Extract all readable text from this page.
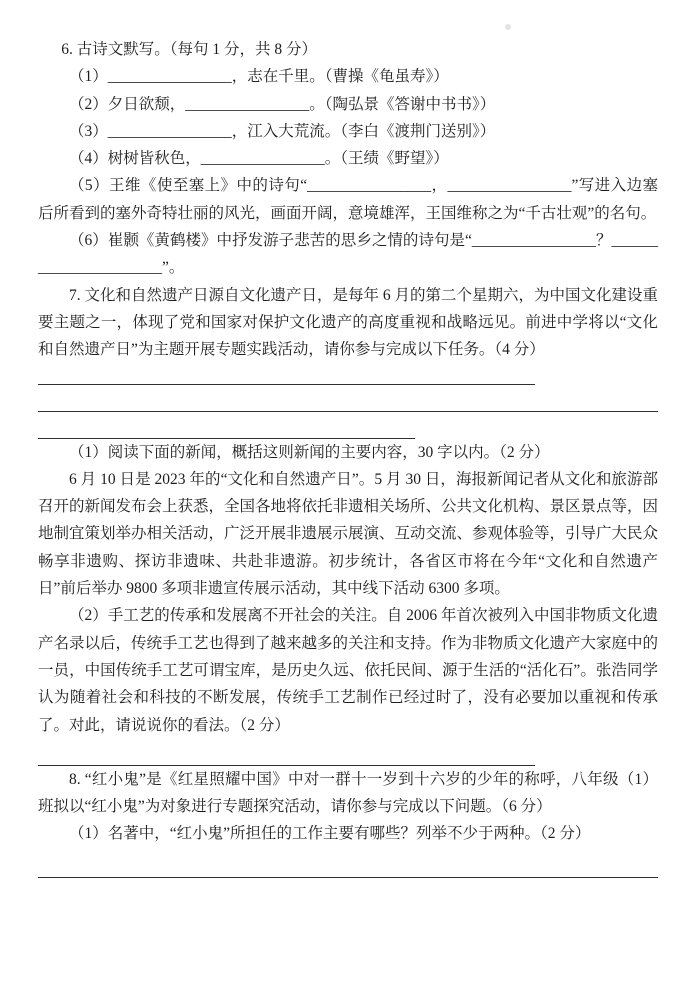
6. 古诗文默写。（每句 1 分，共 8 分）

（1）________________，志在千里。（曹操《龟虽寿》）

（2）夕日欲颓，________________。（陶弘景《答谢中书书》）

（3）________________，江入大荒流。（李白《渡荆门送别》）

（4）树树皆秋色，________________。（王绩《野望》）

（5）王维《使至塞上》中的诗句“________________，________________”写进入边塞后所看到的塞外奇特壮丽的风光，画面开阔，意境雄浑，王国维称之为“千古壮观”的名句。

（6）崔颢《黄鹤楼》中抒发游子悲苦的思乡之情的诗句是“________________？______________________”。

7. 文化和自然遗产日源自文化遗产日，是每年 6 月的第二个星期六，为中国文化建设重要主题之一，体现了党和国家对保护文化遗产的高度重视和战略远见。前进中学将以“文化和自然遗产日”为主题开展专题实践活动，请你参与完成以下任务。（4 分）

（1）阅读下面的新闻，概括这则新闻的主要内容，30 字以内。（2 分）

6 月 10 日是 2023 年的“文化和自然遗产日”。5 月 30 日，海报新闻记者从文化和旅游部召开的新闻发布会上获悉，全国各地将依托非遗相关场所、公共文化机构、景区景点等，因地制宜策划举办相关活动，广泛开展非遗展示展演、互动交流、参观体验等，引导广大民众畅享非遗购、探访非遗味、共赴非遗游。初步统计，各省区市将在今年“文化和自然遗产日”前后举办 9800 多项非遗宣传展示活动，其中线下活动 6300 多项。

（2）手工艺的传承和发展离不开社会的关注。自 2006 年首次被列入中国非物质文化遗产名录以后，传统手工艺也得到了越来越多的关注和支持。作为非物质文化遗产大家庭中的一员，中国传统手工艺可谓宝库，是历史久远、依托民间、源于生活的“活化石”。张浩同学认为随着社会和科技的不断发展，传统手工艺制作已经过时了，没有必要加以重视和传承了。对此，请说说你的看法。（2 分）

8. “红小鬼”是《红星照耀中国》中对一群十一岁到十六岁的少年的称呼，八年级（1）班拟以“红小鬼”为对象进行专题探究活动，请你参与完成以下问题。（6 分）

（1）名著中，“红小鬼”所担任的工作主要有哪些？列举不少于两种。（2 分）
